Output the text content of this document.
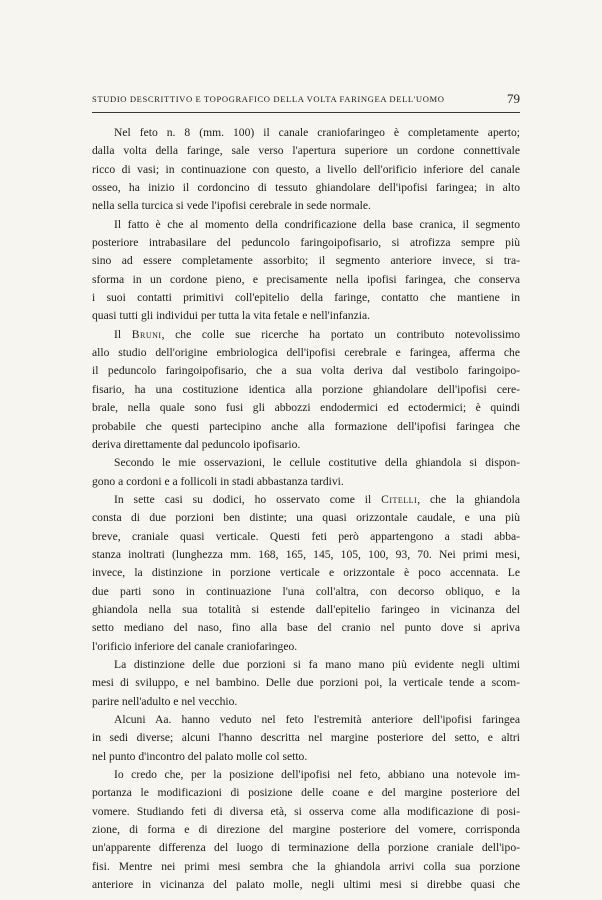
STUDIO DESCRITTIVO E TOPOGRAFICO DELLA VOLTA FARINGEA DELL'UOMO	79

Nel feto n. 8 (mm. 100) il canale craniofaringeo è completamente aperto;
dalla volta della faringe, sale verso l'apertura superiore un cordone connettivale
ricco di vasi; in continuazione con questo, a livello dell'orificio inferiore del canale
osseo, ha inizio il cordoncino di tessuto ghiandolare dell'ipofisi faringea; in alto
nella sella turcica si vede l'ipofisi cerebrale in sede normale.

Il fatto è che al momento della condrificazione della base cranica, il segmento
posteriore intrabasilare del peduncolo faringoipofisario, si atrofizza sempre più
sino ad essere completamente assorbito; il segmento anteriore invece, si tra-
sforma in un cordone pieno, e precisamente nella ipofisi faringea, che conserva
i suoi contatti primitivi coll'epitelio della faringe, contatto che mantiene in
quasi tutti gli individui per tutta la vita fetale e nell'infanzia.

Il Bruni, che colle sue ricerche ha portato un contributo notevolissimo
allo studio dell'origine embriologica dell'ipofisi cerebrale e faringea, afferma che
il peduncolo faringoipofisario, che a sua volta deriva dal vestibolo faringoipo-
fisario, ha una costituzione identica alla porzione ghiandolare dell'ipofisi cere-
brale, nella quale sono fusi gli abbozzi endodermici ed ectodermici; è quindi
probabile che questi partecipino anche alla formazione dell'ipofisi faringea che
deriva direttamente dal peduncolo ipofisario.

Secondo le mie osservazioni, le cellule costitutive della ghiandola si dispon-
gono a cordoni e a follicoli in stadi abbastanza tardivi.

In sette casi su dodici, ho osservato come il Citelli, che la ghiandola
consta di due porzioni ben distinte; una quasi orizzontale caudale, e una più
breve, craniale quasi verticale. Questi feti però appartengono a stadi abba-
stanza inoltrati (lunghezza mm. 168, 165, 145, 105, 100, 93, 70. Nei primi mesi,
invece, la distinzione in porzione verticale e orizzontale è poco accennata. Le
due parti sono in continuazione l'una coll'altra, con decorso obliquo, e la
ghiandola nella sua totalità si estende dall'epitelio faringeo in vicinanza del
setto mediano del naso, fino alla base del cranio nel punto dove si apriva
l'orificio inferiore del canale craniofaringeo.

La distinzione delle due porzioni si fa mano mano più evidente negli ultimi
mesi di sviluppo, e nel bambino. Delle due porzioni poi, la verticale tende a scom-
parire nell'adulto e nel vecchio.

Alcuni Aa. hanno veduto nel feto l'estremità anteriore dell'ipofisi faringea
in sedi diverse; alcuni l'hanno descritta nel margine posteriore del setto, e altri
nel punto d'incontro del palato molle col setto.

Io credo che, per la posizione dell'ipofisi nel feto, abbiano una notevole im-
portanza le modificazioni di posizione delle coane e del margine posteriore del
vomere. Studiando feti di diversa età, si osserva come alla modificazione di posi-
zione, di forma e di direzione del margine posteriore del vomere, corrisponda
un'apparente differenza del luogo di terminazione della porzione craniale dell'ipo-
fisi. Mentre nei primi mesi sembra che la ghiandola arrivi colla sua porzione
anteriore in vicinanza del palato molle, negli ultimi mesi si direbbe quasi che
